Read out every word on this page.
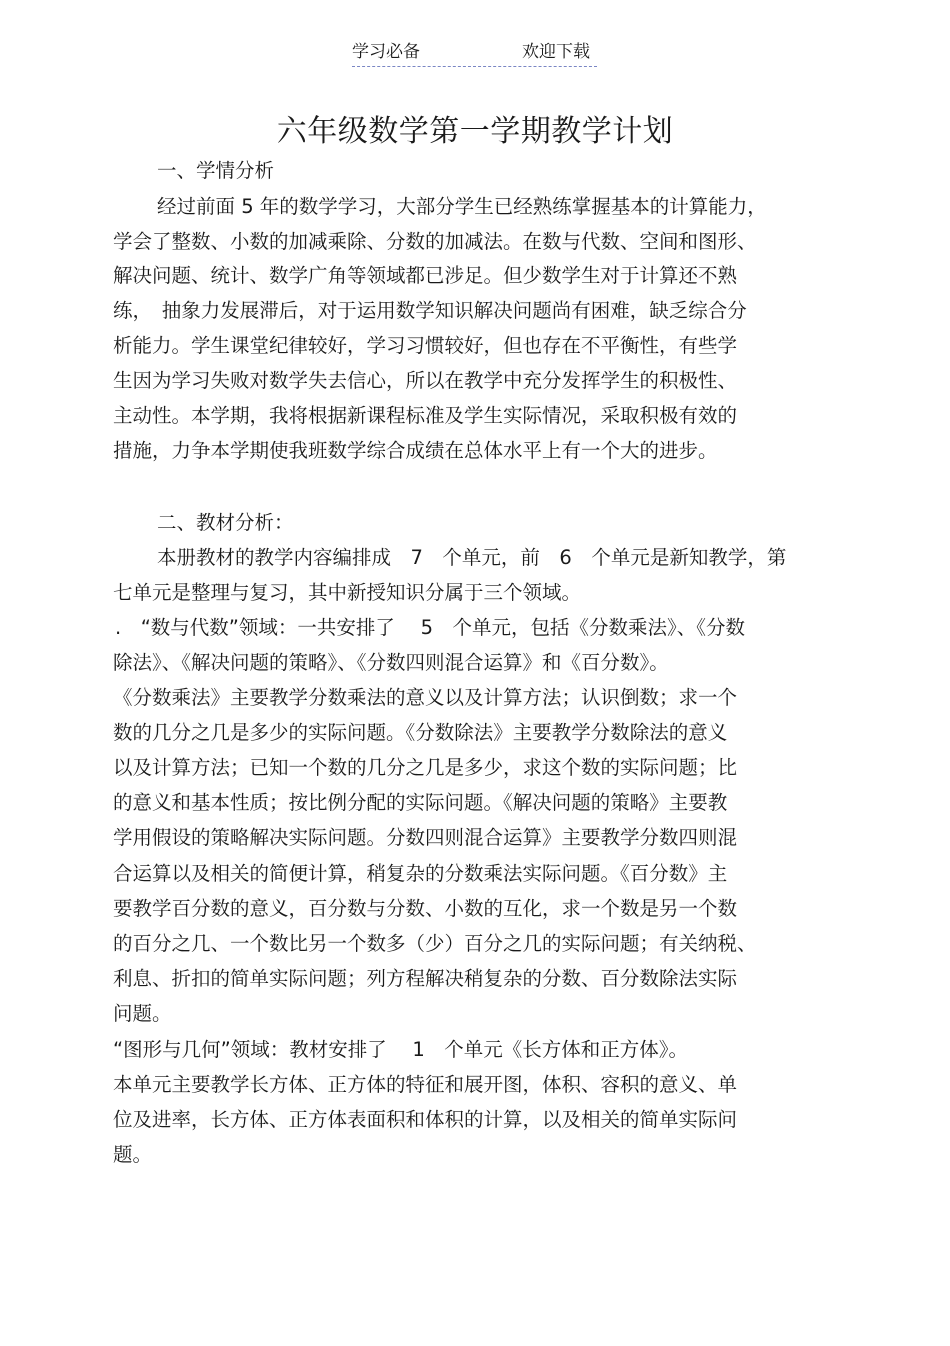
学习必备	欢迎下载
六年级数学第一学期教学计划
一、学情分析
经过前面 5 年的数学学习，大部分学生已经熟练掌握基本的计算能力，
学会了整数、小数的加减乘除、分数的加减法。在数与代数、空间和图形、
解决问题、统计、数学广角等领域都已涉足。但少数学生对于计算还不熟
练，　抽象力发展滞后，对于运用数学知识解决问题尚有困难，缺乏综合分
析能力。学生课堂纪律较好，学习习惯较好，但也存在不平衡性，有些学
生因为学习失败对数学失去信心，所以在教学中充分发挥学生的积极性、
主动性。本学期，我将根据新课程标准及学生实际情况，采取积极有效的
措施，力争本学期使我班数学综合成绩在总体水平上有一个大的进步。
二、教材分析：
本册教材的教学内容编排成　7　个单元，前　6　个单元是新知教学，第
七单元是整理与复习，其中新授知识分属于三个领域。
.　“数与代数”领域：一共安排了　 5　个单元，包括《分数乘法》、《分数
除法》、《解决问题的策略》、《分数四则混合运算》和《百分数》。
《分数乘法》主要教学分数乘法的意义以及计算方法；认识倒数；求一个
数的几分之几是多少的实际问题。《分数除法》主要教学分数除法的意义
以及计算方法；已知一个数的几分之几是多少，求这个数的实际问题；比
的意义和基本性质；按比例分配的实际问题。《解决问题的策略》主要教
学用假设的策略解决实际问题。分数四则混合运算》主要教学分数四则混
合运算以及相关的简便计算，稍复杂的分数乘法实际问题。《百分数》主
要教学百分数的意义，百分数与分数、小数的互化，求一个数是另一个数
的百分之几、一个数比另一个数多（少）百分之几的实际问题；有关纳税、
利息、折扣的简单实际问题；列方程解决稍复杂的分数、百分数除法实际
问题。
“图形与几何”领域：教材安排了　 1　个单元《长方体和正方体》。
本单元主要教学长方体、正方体的特征和展开图，体积、容积的意义、单
位及进率，长方体、正方体表面积和体积的计算，以及相关的简单实际问
题。
